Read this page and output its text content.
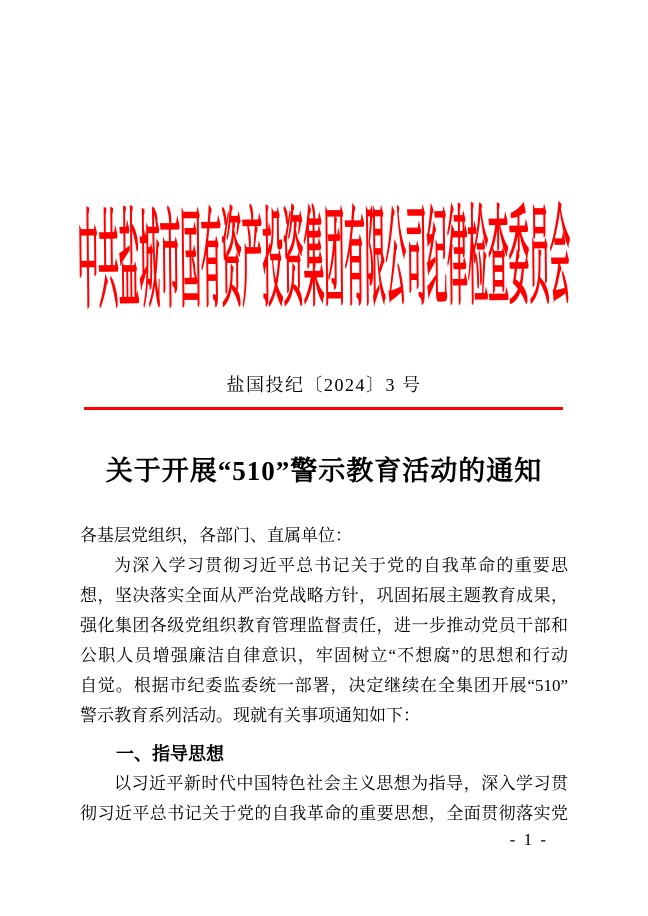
中共盐城市国有资产投资集团有限公司纪律检查委员会
盐国投纪〔2024〕3 号
关于开展“510”警示教育活动的通知

各基层党组织，各部门、直属单位：

为深入学习贯彻习近平总书记关于党的自我革命的重要思

想，坚决落实全面从严治党战略方针，巩固拓展主题教育成果，

强化集团各级党组织教育管理监督责任，进一步推动党员干部和

公职人员增强廉洁自律意识，牢固树立“不想腐”的思想和行动

自觉。根据市纪委监委统一部署，决定继续在全集团开展“510”

警示教育系列活动。现就有关事项通知如下：

一、指导思想

以习近平新时代中国特色社会主义思想为指导，深入学习贯

彻习近平总书记关于党的自我革命的重要思想，全面贯彻落实党

- 1 -
